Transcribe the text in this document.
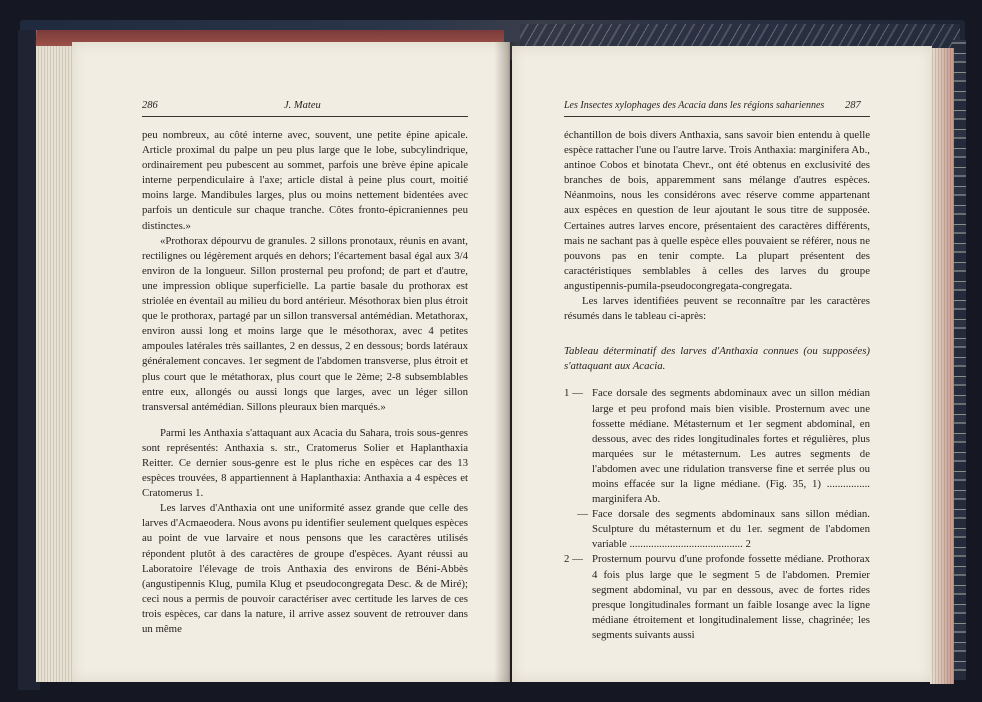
286	J. Mateu

peu nombreux, au côté interne avec, souvent, une petite épine apicale. Article proximal du palpe un peu plus large que le lobe, subcylindrique, ordinairement peu pubescent au sommet, parfois une brève épine apicale interne perpendiculaire à l'axe; article distal à peine plus court, moitié moins large. Mandibules larges, plus ou moins nettement bidentées avec parfois un denticule sur chaque tranche. Côtes fronto-épicraniennes peu distinctes.»

«Prothorax dépourvu de granules. 2 sillons pronotaux, réunis en avant, rectilignes ou légèrement arqués en dehors; l'écartement basal égal aux 3/4 environ de la longueur. Sillon prosternal peu profond; de part et d'autre, une impression oblique superficielle. La partie basale du prothorax est striolée en éventail au milieu du bord antérieur. Mésothorax bien plus étroit que le prothorax, partagé par un sillon transversal antémédian. Metathorax, environ aussi long et moins large que le mésothorax, avec 4 petites ampoules latérales très saillantes, 2 en dessus, 2 en dessous; bords latéraux généralement concaves. 1er segment de l'abdomen transverse, plus étroit et plus court que le métathorax, plus court que le 2ème; 2-8 subsemblables entre eux, allongés ou aussi longs que larges, avec un léger sillon transversal antémédian. Sillons pleuraux bien marqués.»

Parmi les Anthaxia s'attaquant aux Acacia du Sahara, trois sous-genres sont représentés: Anthaxia s. str., Cratomerus Solier et Haplanthaxia Reitter. Ce dernier sous-genre est le plus riche en espèces car des 13 espèces trouvées, 8 appartiennent à Haplanthaxia: Anthaxia a 4 espèces et Cratomerus 1.

Les larves d'Anthaxia ont une uniformité assez grande que celle des larves d'Acmaeodera. Nous avons pu identifier seulement quelques espèces au point de vue larvaire et nous pensons que les caractères utilisés répondent plutôt à des caractères de groupe d'espèces. Ayant réussi au Laboratoire l'élevage de trois Anthaxia des environs de Béni-Abbès (angustipennis Klug, pumila Klug et pseudocongregata Desc. & de Miré); ceci nous a permis de pouvoir caractériser avec certitude les larves de ces trois espèces, car dans la nature, il arrive assez souvent de retrouver dans un même

Les Insectes xylophages des Acacia dans les régions sahariennes 287

échantillon de bois divers Anthaxia, sans savoir bien entendu à quelle espèce rattacher l'une ou l'autre larve. Trois Anthaxia: marginifera Ab., antinoe Cobos et binotata Chevr., ont été obtenus en exclusivité des branches de bois, apparemment sans mélange d'autres espèces. Néanmoins, nous les considérons avec réserve comme appartenant aux espèces en question de leur ajoutant le sous titre de supposée. Certaines autres larves encore, présentaient des caractères différents, mais ne sachant pas à quelle espèce elles pouvaient se référer, nous ne pouvons pas en tenir compte. La plupart présentent des caractéristiques semblables à celles des larves du groupe angustipennis-pumila-pseudocongregata-congregata.

Les larves identifiées peuvent se reconnaître par les caractères résumés dans le tableau ci-après:

Tableau déterminatif des larves d'Anthaxia connues (ou supposées) s'attaquant aux Acacia.

1 — Face dorsale des segments abdominaux avec un sillon médian large et peu profond mais bien visible. Prosternum avec une fossette médiane. Métasternum et 1er segment abdominal, en dessous, avec des rides longitudinales fortes et régulières, plus marquées sur le métasternum. Les autres segments de l'abdomen avec une ridulation transverse fine et serrée plus ou moins effacée sur la ligne médiane. (Fig. 35, 1) ................ marginifera Ab.
— Face dorsale des segments abdominaux sans sillon médian. Sculpture du métasternum et du 1er. segment de l'abdomen variable .......................................... 2
2 — Prosternum pourvu d'une profonde fossette médiane. Prothorax 4 fois plus large que le segment 5 de l'abdomen. Premier segment abdominal, vu par en dessous, avec de fortes rides presque longitudinales formant un faible losange avec la ligne médiane étroitement et longitudinalement lisse, chagrinée; les segments suivants aussi
